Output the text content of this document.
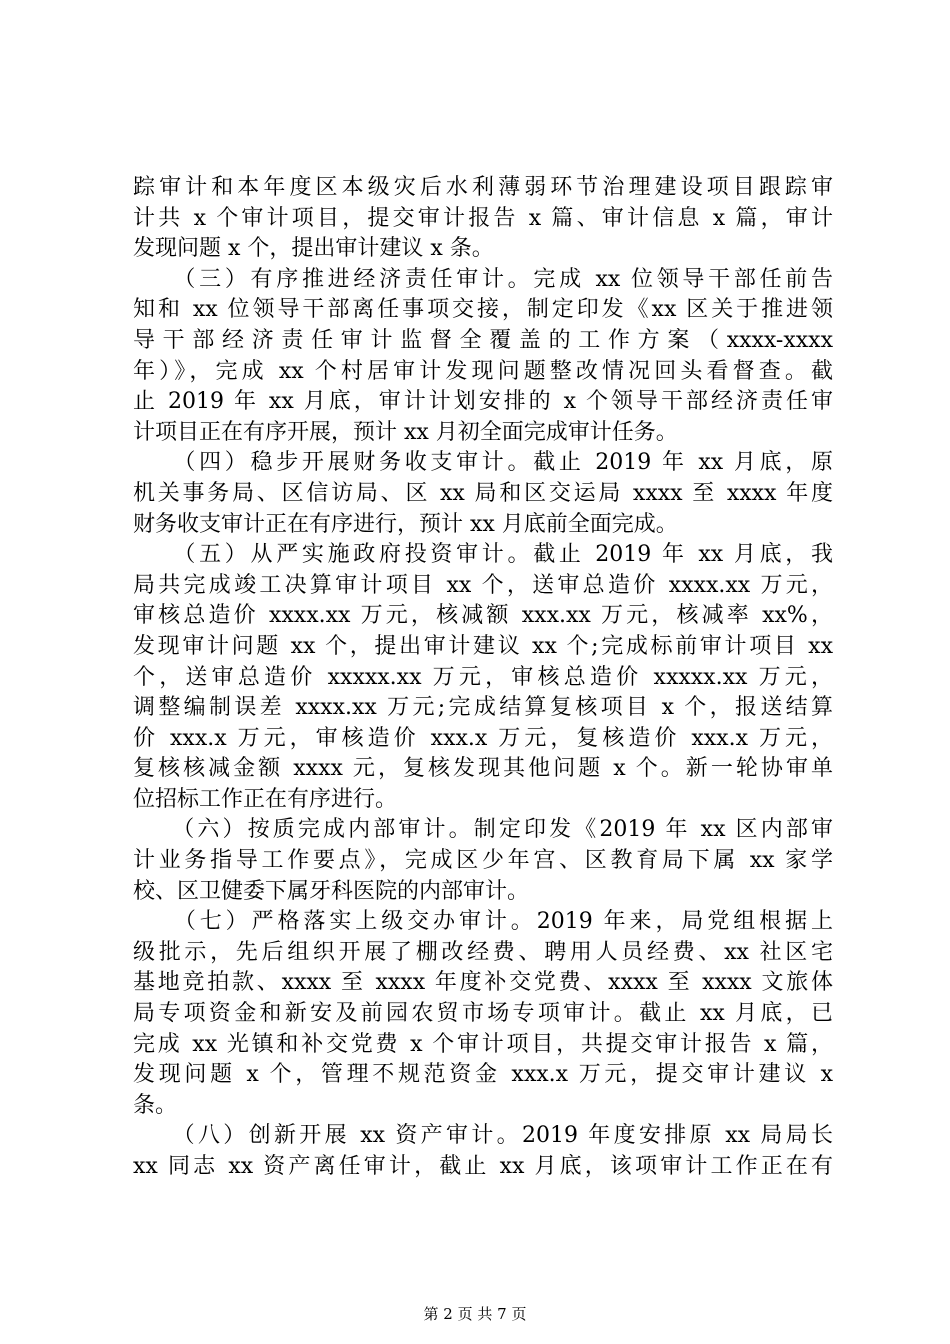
踪审计和本年度区本级灾后水利薄弱环节治理建设项目跟踪审
计共 x 个审计项目，提交审计报告 x 篇、审计信息 x 篇，审计
发现问题 x 个，提出审计建议 x 条。
　　（三）有序推进经济责任审计。完成 xx 位领导干部任前告
知和 xx 位领导干部离任事项交接，制定印发《xx 区关于推进领
导干部经济责任审计监督全覆盖的工作方案（xxxx-xxxx
年）》，完成 xx 个村居审计发现问题整改情况回头看督查。截
止 2019 年 xx 月底，审计计划安排的 x 个领导干部经济责任审
计项目正在有序开展，预计 xx 月初全面完成审计任务。
　　（四）稳步开展财务收支审计。截止 2019 年 xx 月底，原
机关事务局、区信访局、区 xx 局和区交运局 xxxx 至 xxxx 年度
财务收支审计正在有序进行，预计 xx 月底前全面完成。
　　（五）从严实施政府投资审计。截止 2019 年 xx 月底，我
局共完成竣工决算审计项目 xx 个，送审总造价 xxxx.xx 万元，
审核总造价 xxxx.xx 万元，核减额 xxx.xx 万元，核减率 xx%，
发现审计问题 xx 个，提出审计建议 xx 个;完成标前审计项目 xx
个，送审总造价 xxxxx.xx 万元，审核总造价 xxxxx.xx 万元，
调整编制误差 xxxx.xx 万元;完成结算复核项目 x 个，报送结算
价 xxx.x 万元，审核造价 xxx.x 万元，复核造价 xxx.x 万元，
复核核减金额 xxxx 元，复核发现其他问题 x 个。新一轮协审单
位招标工作正在有序进行。
　　（六）按质完成内部审计。制定印发《2019 年 xx 区内部审
计业务指导工作要点》，完成区少年宫、区教育局下属 xx 家学
校、区卫健委下属牙科医院的内部审计。
　　（七）严格落实上级交办审计。2019 年来，局党组根据上
级批示，先后组织开展了棚改经费、聘用人员经费、xx 社区宅
基地竞拍款、xxxx 至 xxxx 年度补交党费、xxxx 至 xxxx 文旅体
局专项资金和新安及前园农贸市场专项审计。截止 xx 月底，已
完成 xx 光镇和补交党费 x 个审计项目，共提交审计报告 x 篇，
发现问题 x 个，管理不规范资金 xxx.x 万元，提交审计建议 x
条。
　　（八）创新开展 xx 资产审计。2019 年度安排原 xx 局局长
xx 同志 xx 资产离任审计，截止 xx 月底，该项审计工作正在有
第 2 页 共 7 页
